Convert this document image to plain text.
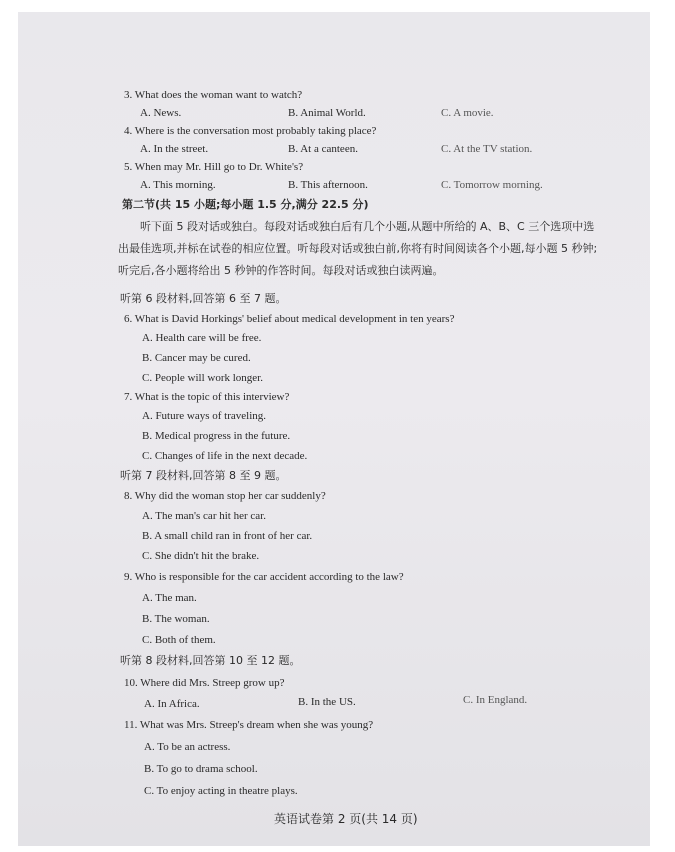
3. What does the woman want to watch?
A. News.	B. Animal World.	C. A movie.
4. Where is the conversation most probably taking place?
A. In the street.	B. At a canteen.	C. At the TV station.
5. When may Mr. Hill go to Dr. White's?
A. This morning.	B. This afternoon.	C. Tomorrow morning.
第二节(共 15 小题;每小题 1.5 分,满分 22.5 分)
听下面 5 段对话或独白。每段对话或独白后有几个小题,从题中所给的 A、B、C 三个选项中选出最佳选项,并标在试卷的相应位置。听每段对话或独白前,你将有时间阅读各个小题,每小题 5 秒钟;听完后,各小题将给出 5 秒钟的作答时间。每段对话或独白读两遍。
听第 6 段材料,回答第 6 至 7 题。
6. What is David Horkings' belief about medical development in ten years?
A. Health care will be free.
B. Cancer may be cured.
C. People will work longer.
7. What is the topic of this interview?
A. Future ways of traveling.
B. Medical progress in the future.
C. Changes of life in the next decade.
听第 7 段材料,回答第 8 至 9 题。
8. Why did the woman stop her car suddenly?
A. The man's car hit her car.
B. A small child ran in front of her car.
C. She didn't hit the brake.
9. Who is responsible for the car accident according to the law?
A. The man.
B. The woman.
C. Both of them.
听第 8 段材料,回答第 10 至 12 题。
10. Where did Mrs. Streep grow up?
A. In Africa.	B. In the US.	C. In England.
11. What was Mrs. Streep's dream when she was young?
A. To be an actress.
B. To go to drama school.
C. To enjoy acting in theatre plays.
英语试卷第 2 页(共 14 页)
